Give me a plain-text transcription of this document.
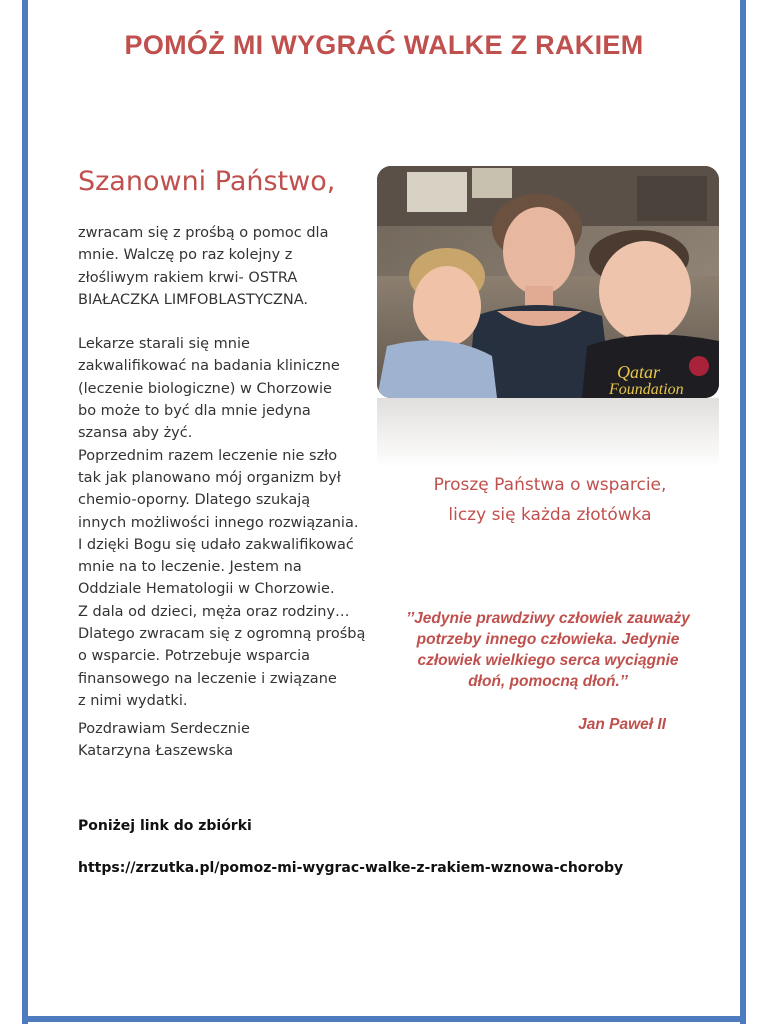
POMÓŻ MI WYGRAĆ WALKE Z RAKIEM
Szanowni Państwo,

zwracam się z prośbą o pomoc dla
mnie. Walczę po raz kolejny z
złośliwym rakiem krwi- OSTRA
BIAŁACZKA LIMFOBLASTYCZNA.

Lekarze starali się mnie
zakwalifikować na badania kliniczne
(leczenie biologiczne) w Chorzowie
bo może to być dla mnie jedyna
szansa aby żyć.
Poprzednim razem leczenie nie szło
tak jak planowano mój organizm był
chemio-oporny. Dlatego szukają
innych możliwości innego rozwiązania.
I dzięki Bogu się udało zakwalifikować
mnie na to leczenie. Jestem na
Oddziale Hematologii w Chorzowie.
Z dala od dzieci, męża oraz rodziny…
Dlatego zwracam się z ogromną prośbą
o wsparcie. Potrzebuje wsparcia
finansowego na leczenie i związane
z nimi wydatki.

Pozdrawiam Serdecznie
Katarzyna Łaszewska
Qatar
Foundation
Proszę Państwa o wsparcie,
liczy się każda złotówka
’’Jedynie prawdziwy człowiek zauważy potrzeby innego człowieka. Jedynie człowiek wielkiego serca wyciągnie dłoń, pomocną dłoń.’’
Jan Paweł II
Poniżej link do zbiórki
https://zrzutka.pl/pomoz-mi-wygrac-walke-z-rakiem-wznowa-choroby
